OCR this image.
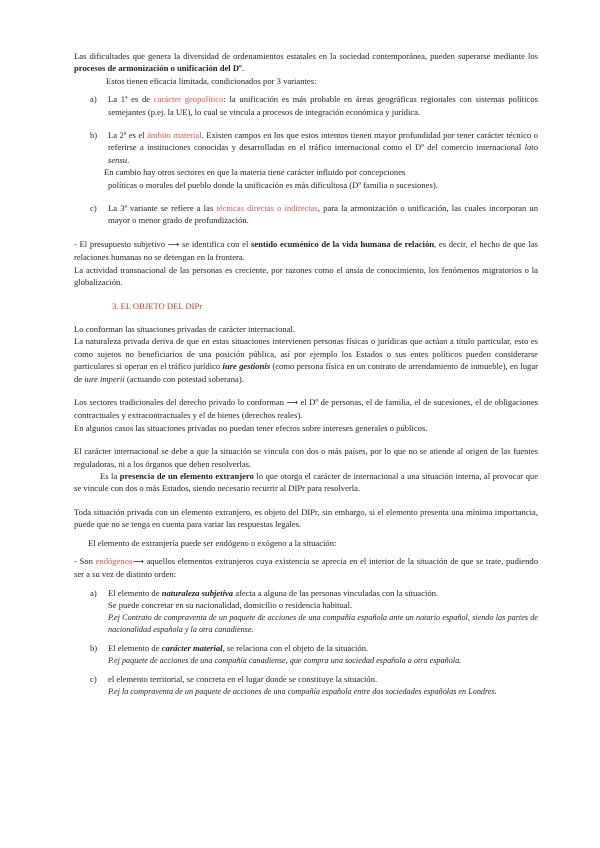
Las dificultades que genera la diversidad de ordenamientos estatales en la sociedad contemporánea, pueden superarse mediante los procesos de armonización o unificación del Dº.

Estos tienen eficacia limitada, condicionados por 3 variantes:

a)	La 1ª es de carácter geopolítico: la unificación es más probable en áreas geográficas regionales con sistemas políticos semejantes (p.ej. la UE), lo cual se vincula a procesos de integración económica y jurídica.

b)	La 2ª es el ámbito material. Existen campos en los que estos intentos tienen mayor profundidad por tener carácter técnico o referirse a instituciones conocidas y desarrolladas en el tráfico internacional como el Dº del comercio internacional lato sensu.

En cambio hay otros sectores en que la materia tiene carácter influido por concepciones

políticas o morales del pueblo donde la unificación es más dificultosa (Dº familia o sucesiones).

c)	La 3ª variante se refiere a las técnicas directas o indirectas, para la armonización o unificación, las cuales incorporan un mayor o menor grado de profundización.

- El presupuesto subjetivo ⟶ se identifica con el sentido ecuménico de la vida humana de relación, es decir, el hecho de que las relaciones humanas no se detengan en la frontera.

La actividad transnacional de las personas es creciente, por razones como el ansia de conocimiento, los fenómenos migratorios o la globalización.

3. EL OBJETO DEL DIPr

Lo conforman las situaciones privadas de carácter internacional.

La naturaleza privada deriva de que en estas situaciones intervienen personas físicas o jurídicas que actúan a título particular, esto es como sujetos no beneficiarios de una posición pública, así por ejemplo los Estados o sus entes políticos pueden considerarse particulares si operan en el tráfico jurídico iure gestionis (como persona física en un contrato de arrendamiento de inmueble), en lugar de iure imperii (actuando con potestad soberana).

Los sectores tradicionales del derecho privado lo conforman ⟶ el Dº de personas, el de familia, el de sucesiones, el de obligaciones contractuales y extracontractuales y el de bienes (derechos reales).

En algunos casos las situaciones privadas no puedan tener efectos sobre intereses generales o públicos.

El carácter internacional se debe a que la situación se vincula con dos o más países, por lo que no se atiende al origen de las fuentes reguladoras, ni a los órganos que deben resolverlas.

Es la presencia de un elemento extranjero lo que otorga el carácter de internacional a una situación interna, al provocar que se vincule con dos o más Estados, siendo necesario recurrir al DIPr para resolverla.

Toda situación privada con un elemento extranjero, es objeto del DIPr, sin embargo, si el elemento presenta una mínima importancia, puede que no se tenga en cuenta para variar las respuestas legales.

El elemento de extranjería puede ser endógeno o exógeno a la situación:

- Son endógenos⟶ aquellos elementos extranjeros cuya existencia se aprecia en el interior de la situación de que se trate, pudiendo ser a su vez de distinto orden:

a)	El elemento de naturaleza subjetiva afecta a alguna de las personas vinculadas con la situación.

Se puede concretar en su nacionalidad, domicilio o residencia habitual.

P.ej Contrato de compraventa de un paquete de acciones de una compañía española ante un notario español, siendo las partes de nacionalidad española y la otra canadiense.

b)	El elemento de carácter material, se relaciona con el objeto de la situación.

P.ej paquete de acciones de una compañía canadiense, que compra una sociedad española a otra española.

c)	el elemento territorial, se concreta en el lugar donde se constituye la situación.

P.ej la compraventa de un paquete de acciones de una compañía española entre dos sociedades españolas en Londres.
